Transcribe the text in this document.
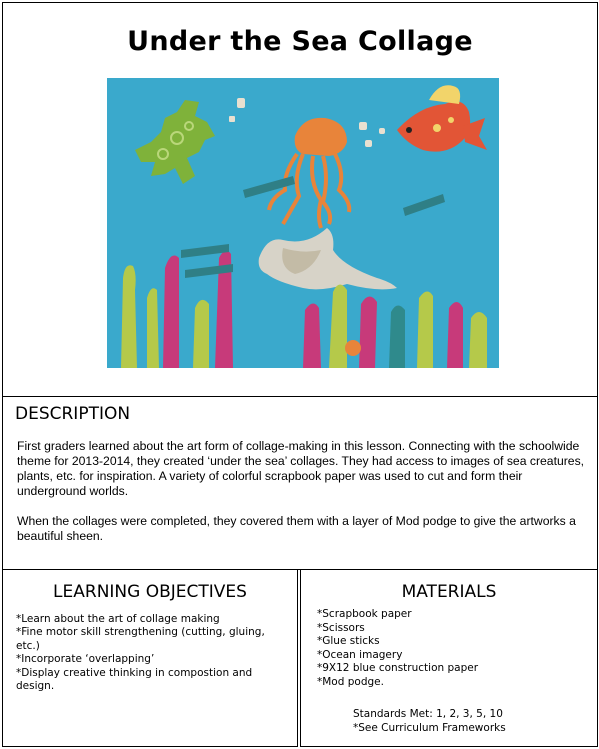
Under the Sea Collage
DESCRIPTION

First graders learned about the art form of collage-making in this lesson. Connecting with the schoolwide theme for 2013-2014, they created ‘under the sea’ collages. They had access to images of sea creatures, plants, etc. for inspiration. A variety of colorful scrapbook paper was used to cut and form their underground worlds.

When the collages were completed, they covered them with a layer of Mod podge to give the artworks a beautiful sheen.

LEARNING OBJECTIVES
*Learn about the art of collage making
*Fine motor skill strengthening (cutting, gluing, etc.)
*Incorporate ‘overlapping’
*Display creative thinking in compostion and design.
MATERIALS
*Scrapbook paper
*Scissors
*Glue sticks
*Ocean imagery
*9X12 blue construction paper
*Mod podge.
Standards Met: 1, 2, 3, 5, 10
*See Curriculum Frameworks
